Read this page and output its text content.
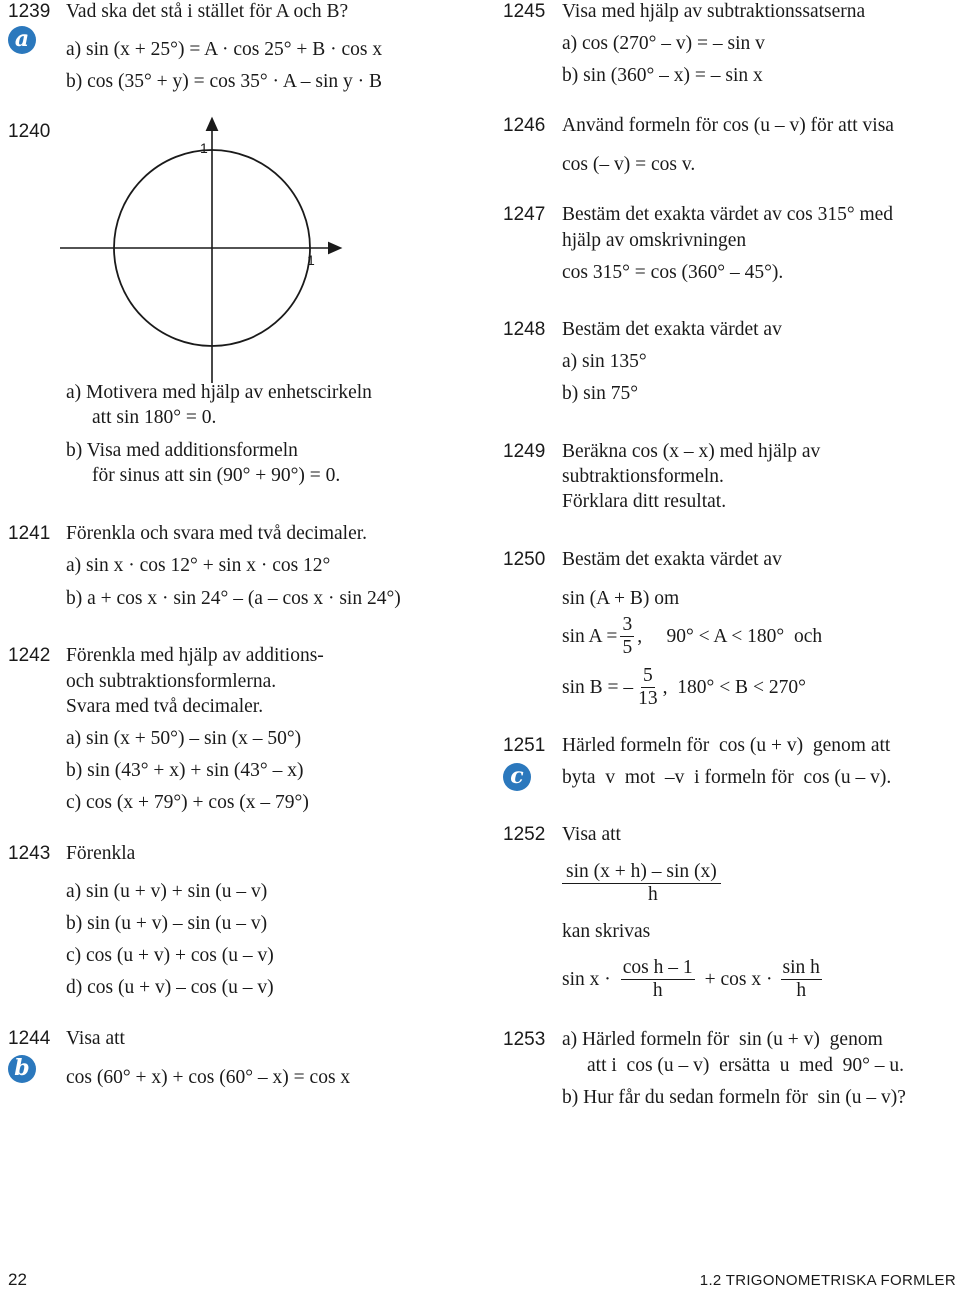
1239 Vad ska det stå i stället för A och B?
a	a) sin (x + 25°) = A · cos 25° + B · cos x
b) cos (35° + y) = cos 35° · A – sin y · B
1240
1
1
a) Motivera med hjälp av enhetscirkeln
att sin 180° = 0.
b) Visa med additionsformeln
för sinus att sin (90° + 90°) = 0.
1241 Förenkla och svara med två decimaler.
a) sin x · cos 12° + sin x · cos 12°
b) a + cos x · sin 24° – (a – cos x · sin 24°)
1242 Förenkla med hjälp av additions-
och subtraktionsformlerna.
Svara med två decimaler.
a) sin (x + 50°) – sin (x – 50°)
b) sin (43° + x) + sin (43° – x)
c) cos (x + 79°) + cos (x – 79°)
1243 Förenkla
a) sin (u + v) + sin (u – v)
b) sin (u + v) – sin (u – v)
c) cos (u + v) + cos (u – v)
d) cos (u + v) – cos (u – v)
1244 Visa att
b	cos (60° + x) + cos (60° – x) = cos x
1245 Visa med hjälp av subtraktionssatserna
a) cos (270° – v) = – sin v
b) sin (360° – x) = – sin x
1246 Använd formeln för cos (u – v) för att visa
cos (– v) = cos v.
1247 Bestäm det exakta värdet av cos 315° med
hjälp av omskrivningen
cos 315° = cos (360° – 45°).
1248 Bestäm det exakta värdet av
a) sin 135°
b) sin 75°
1249 Beräkna cos (x – x) med hjälp av
subtraktionsformeln.
Förklara ditt resultat.
1250 Bestäm det exakta värdet av
sin (A + B) om
$\sin A = \frac{3}{5}$ ,     90° < A < 180°  och
sin B = – $\frac{5}{13}$ ,  180° < B < 270°
1251 Härled formeln för  cos (u + v)  genom att
c	byta  v  mot  –v  i formeln för  cos (u – v).
1252 Visa att
$\frac{\sin (x + h) - \sin (x)}{h}$
kan skrivas
$\sin x \cdot \frac{\text{cos h – 1}}{h} + \cos x \cdot \frac{\text{sin h}}{h}$
1253 a) Härled formeln för  sin (u + v)  genom
att i  cos (u – v)  ersätta  u  med  90° – u.
b) Hur får du sedan formeln för  sin (u – v)?
22	1.2 TRIGONOMETRISKA FORMLER
